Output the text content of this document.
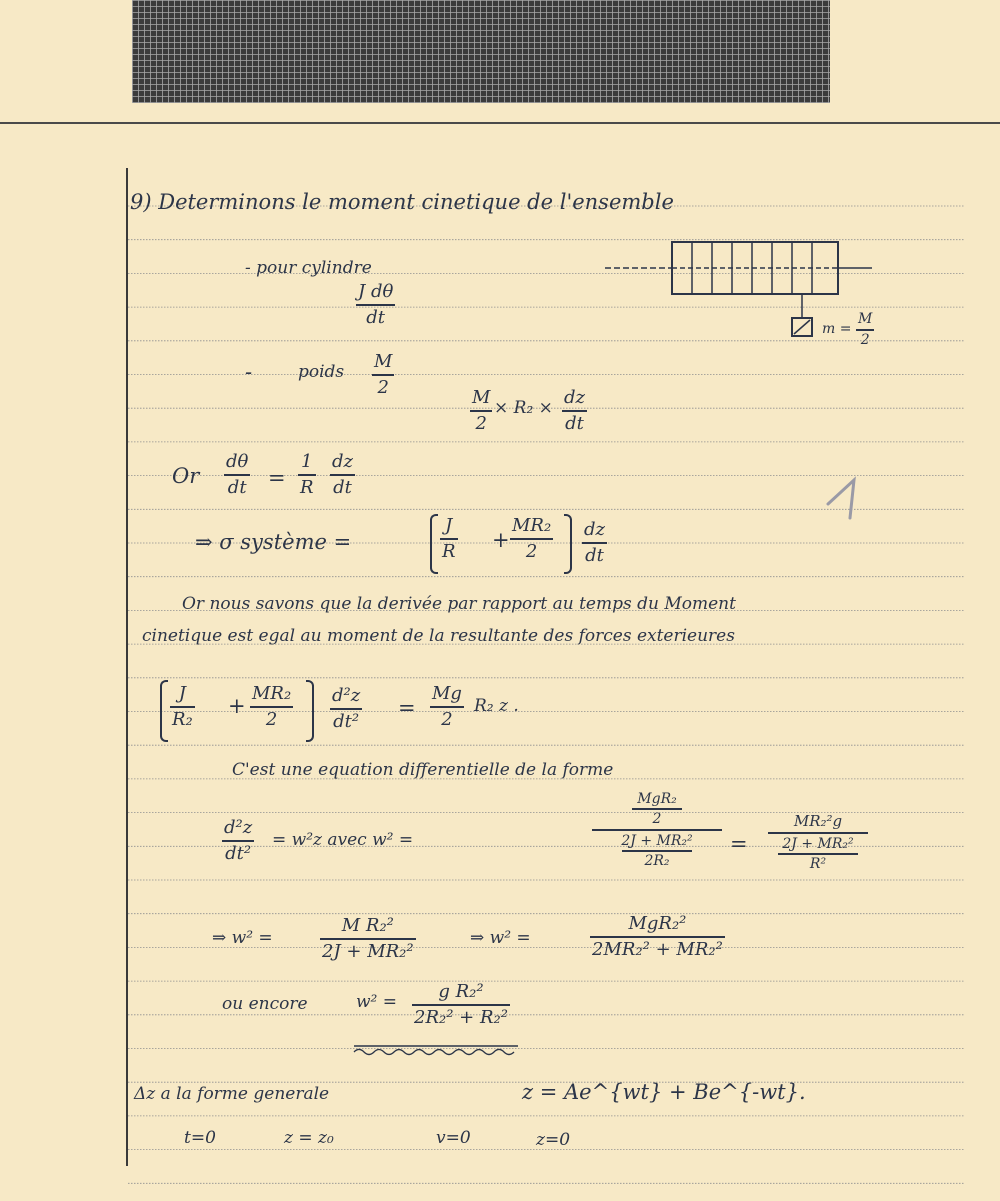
9) Determinons le moment cinetique de l'ensemble
- pour cylindre
J dθ
dt
m =
M
2
-	poids M
2	M
2
× R₂ × dz
dt
Or
dθ
dt =
1
R
dz
dt
⇒ σ système =
J
R +
MR₂
2
dz
dt
Or nous savons que la derivée par rapport au temps du Moment
cinetique est egal au moment de la resultante des forces exterieures
J
R₂
+
MR₂
2
d²z
dt²
=
Mg
2
R₂ z .
C'est une equation differentielle de la forme
d²z
dt²
= w²z avec w² =
MgR₂
2
2J + MR₂²
2R₂
=
MR₂²g
2J + MR₂²
R²
⇒ w² =
M R₂²
2J + MR₂²
⇒ w² =
MgR₂²
2MR₂² + MR₂²
ou encore	w² = g R₂²
2R₂² + R₂²
Δz a la forme generale	z = Ae^{wt} + Be^{-wt}.
t=0	z = z₀	v=0	z=0
